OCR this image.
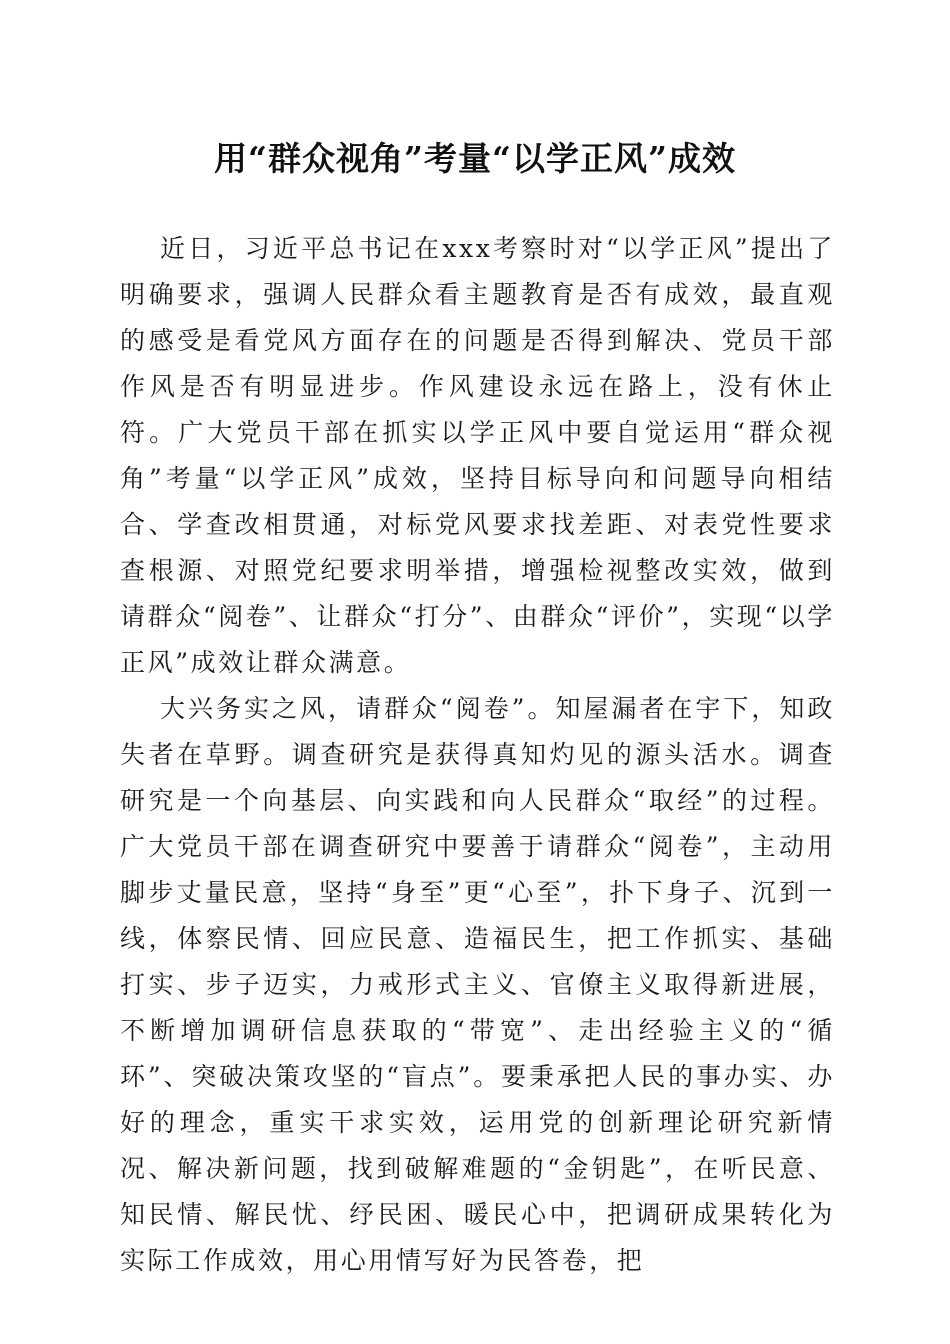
用“群众视角”考量“以学正风”成效

近日，习近平总书记在xxx考察时对“以学正风”提出了明确要求，强调人民群众看主题教育是否有成效，最直观的感受是看党风方面存在的问题是否得到解决、党员干部作风是否有明显进步。作风建设永远在路上，没有休止符。广大党员干部在抓实以学正风中要自觉运用“群众视角”考量“以学正风”成效，坚持目标导向和问题导向相结合、学查改相贯通，对标党风要求找差距、对表党性要求查根源、对照党纪要求明举措，增强检视整改实效，做到请群众“阅卷”、让群众“打分”、由群众“评价”，实现“以学正风”成效让群众满意。

大兴务实之风，请群众“阅卷”。知屋漏者在宇下，知政失者在草野。调查研究是获得真知灼见的源头活水。调查研究是一个向基层、向实践和向人民群众“取经”的过程。广大党员干部在调查研究中要善于请群众“阅卷”，主动用脚步丈量民意，坚持“身至”更“心至”，扑下身子、沉到一线，体察民情、回应民意、造福民生，把工作抓实、基础打实、步子迈实，力戒形式主义、官僚主义取得新进展，不断增加调研信息获取的“带宽”、走出经验主义的“循环”、突破决策攻坚的“盲点”。要秉承把人民的事办实、办好的理念，重实干求实效，运用党的创新理论研究新情况、解决新问题，找到破解难题的“金钥匙”，在听民意、知民情、解民忧、纾民困、暖民心中，把调研成果转化为实际工作成效，用心用情写好为民答卷，把
